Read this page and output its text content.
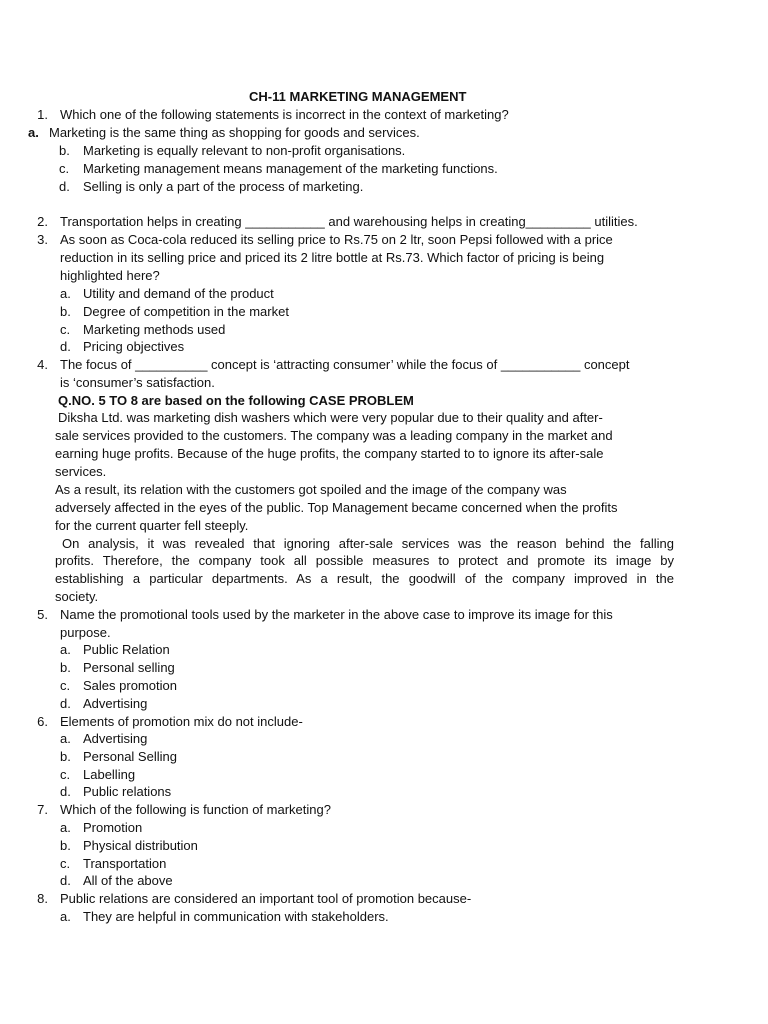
CH-11 MARKETING MANAGEMENT
1. Which one of the following statements is incorrect in the context of marketing?
a. Marketing is the same thing as shopping for goods and services.
b. Marketing is equally relevant to non-profit organisations.
c. Marketing management means management of the marketing functions.
d. Selling is only a part of the process of marketing.
2. Transportation helps in creating ___________ and warehousing helps in creating_________ utilities.
3. As soon as Coca-cola reduced its selling price to Rs.75 on 2 ltr, soon Pepsi followed with a price
reduction in its selling price and priced its 2 litre bottle at Rs.73. Which factor of pricing is being
highlighted here?
a. Utility and demand of the product
b. Degree of competition in the market
c. Marketing methods used
d. Pricing objectives
4. The focus of __________ concept is ‘attracting consumer’ while the focus of ___________ concept
is ‘consumer’s satisfaction.
Q.NO. 5 TO 8 are based on the following CASE PROBLEM
Diksha Ltd. was marketing dish washers which were very popular due to their quality and after-
sale services provided to the customers. The company was a leading company in the market and
earning huge profits. Because of the huge profits, the company started to to ignore its after-sale
services.
As a result, its relation with the customers got spoiled and the image of the company was
adversely affected in the eyes of the public. Top Management became concerned when the profits
for the current quarter fell steeply.
On analysis, it was revealed that ignoring after-sale services was the reason behind the falling
profits. Therefore, the company took all possible measures to protect and promote its image by
establishing a particular departments. As a result, the goodwill of the company improved in the
society.
5. Name the promotional tools used by the marketer in the above case to improve its image for this
purpose.
a. Public Relation
b. Personal selling
c. Sales promotion
d. Advertising
6. Elements of promotion mix do not include-
a. Advertising
b. Personal Selling
c. Labelling
d. Public relations
7. Which of the following is function of marketing?
a. Promotion
b. Physical distribution
c. Transportation
d. All of the above
8. Public relations are considered an important tool of promotion because-
a. They are helpful in communication with stakeholders.
